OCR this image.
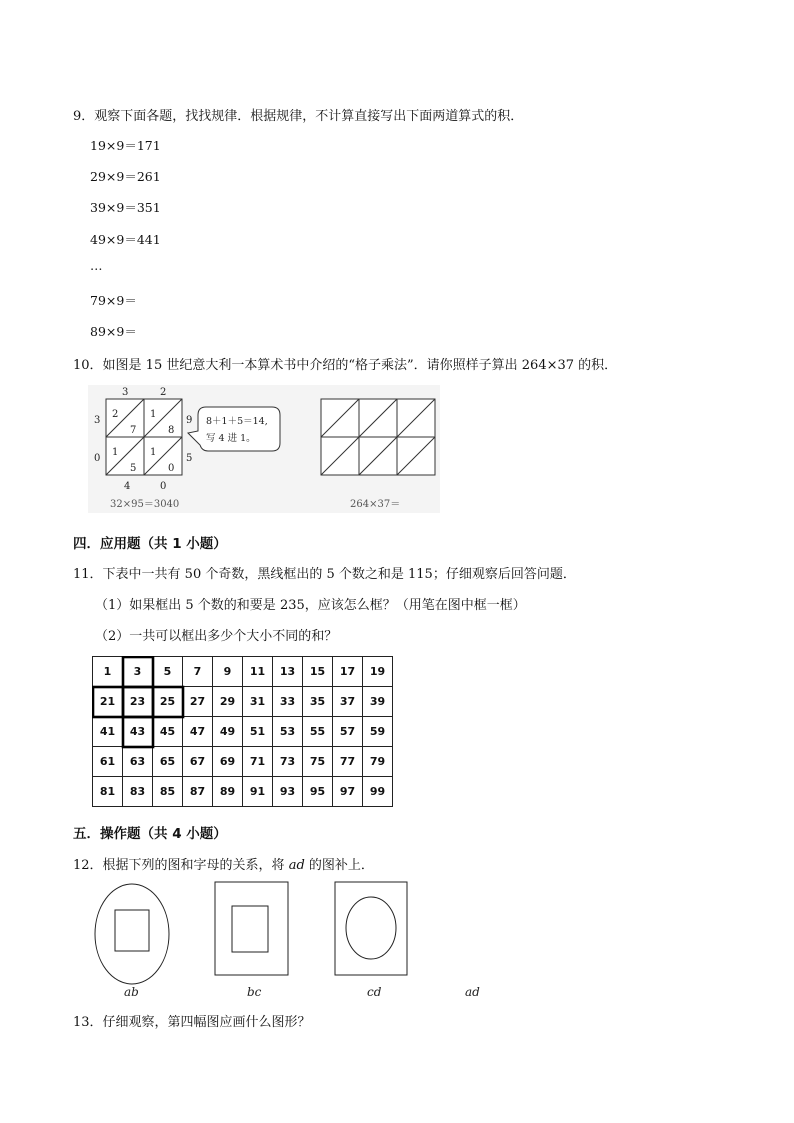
9．观察下面各题，找找规律．根据规律，不计算直接写出下面两道算式的积．
19×9＝171
29×9＝261
39×9＝351
49×9＝441
…
79×9＝
89×9＝
10．如图是 15 世纪意大利一本算术书中介绍的“格子乘法”．请你照样子算出 264×37 的积．
3	2
9
5
3
0
4	0
2
7
1
8
1
5
1
0
8＋1＋5＝14,
写 4 进 1。
32×95＝3040	264×37＝
四．应用题（共 1 小题）
11．下表中一共有 50 个奇数，黑线框出的 5 个数之和是 115；仔细观察后回答问题．
（1）如果框出 5 个数的和要是 235，应该怎么框？（用笔在图中框一框）
（2）一共可以框出多少个大小不同的和？
1	3	5	7	9	11	13	15	17	19
21	23	25	27	29	31	33	35	37	39
41	43	45	47	49	51	53	55	57	59
61	63	65	67	69	71	73	75	77	79
81	83	85	87	89	91	93	95	97	99
五．操作题（共 4 小题）
12．根据下列的图和字母的关系，将 ad 的图补上．
ab	bc	cd	ad
13．仔细观察，第四幅图应画什么图形？
